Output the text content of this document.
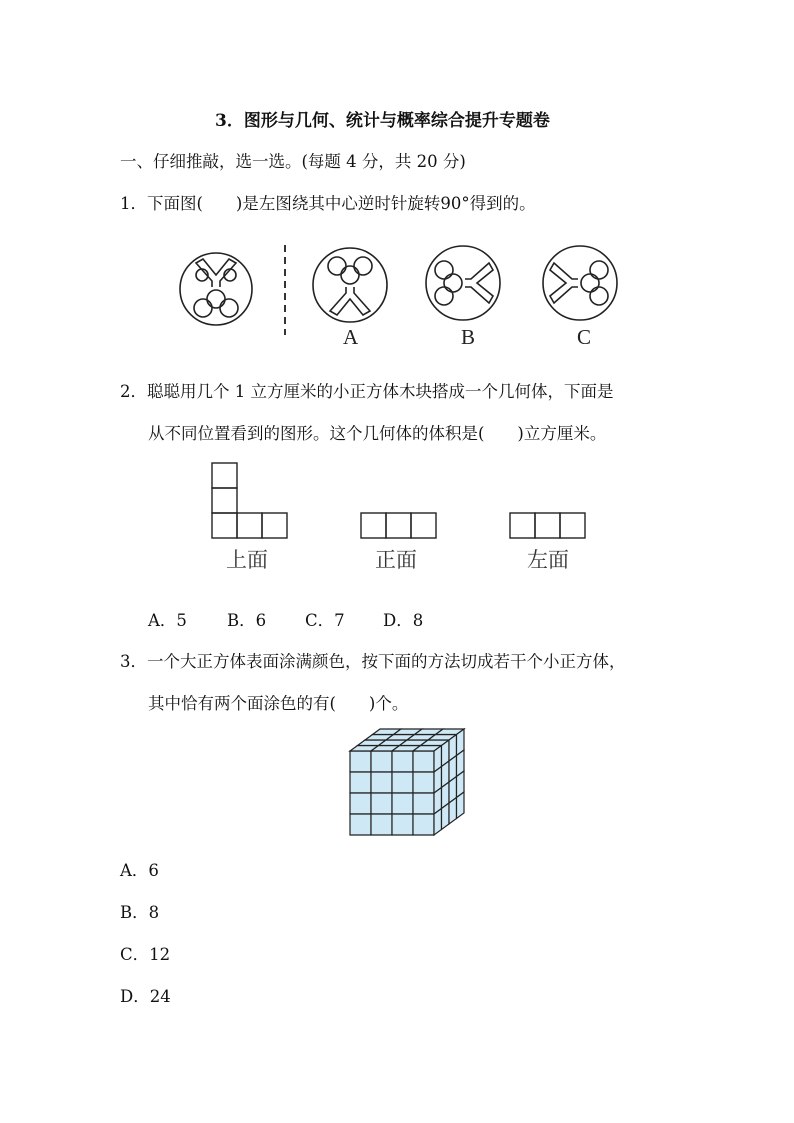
3．图形与几何、统计与概率综合提升专题卷
一、仔细推敲，选一选。(每题 4 分，共 20 分)
1．下面图(　　)是左图绕其中心逆时针旋转90°得到的。
A	B	C
2．聪聪用几个 1 立方厘米的小正方体木块搭成一个几何体，下面是
从不同位置看到的图形。这个几何体的体积是(　　)立方厘米。
上面	正面	左面
A．5 B．6 C．7 D．8
3．一个大正方体表面涂满颜色，按下面的方法切成若干个小正方体，
其中恰有两个面涂色的有(　　)个。
A．6
B．8
C．12
D．24
